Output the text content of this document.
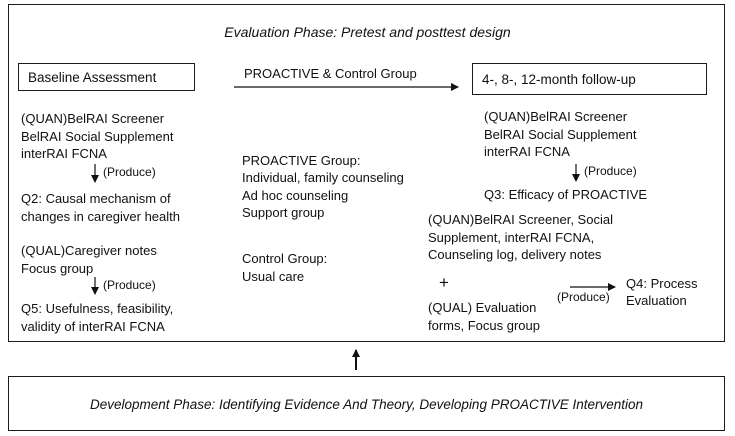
Evaluation Phase: Pretest and posttest design
Baseline Assessment	PROACTIVE & Control Group	4-, 8-, 12-month follow-up
(QUAN)BelRAI Screener
BelRAI Social Supplement
interRAI FCNA
(Produce)
Q2: Causal mechanism of
changes in caregiver health
(QUAL)Caregiver notes
Focus group
(Produce)
Q5: Usefulness, feasibility,
validity of interRAI FCNA
PROACTIVE Group:
Individual, family counseling
Ad hoc counseling
Support group
Control Group:
Usual care
(QUAN)BelRAI Screener
BelRAI Social Supplement
interRAI FCNA
(Produce)
Q3: Efficacy of PROACTIVE
(QUAN)BelRAI Screener, Social
Supplement, interRAI FCNA,
Counseling log, delivery notes
+
(QUAL) Evaluation
forms, Focus group
(Produce)
Q4: Process
Evaluation
Development Phase: Identifying Evidence And Theory, Developing PROACTIVE Intervention
